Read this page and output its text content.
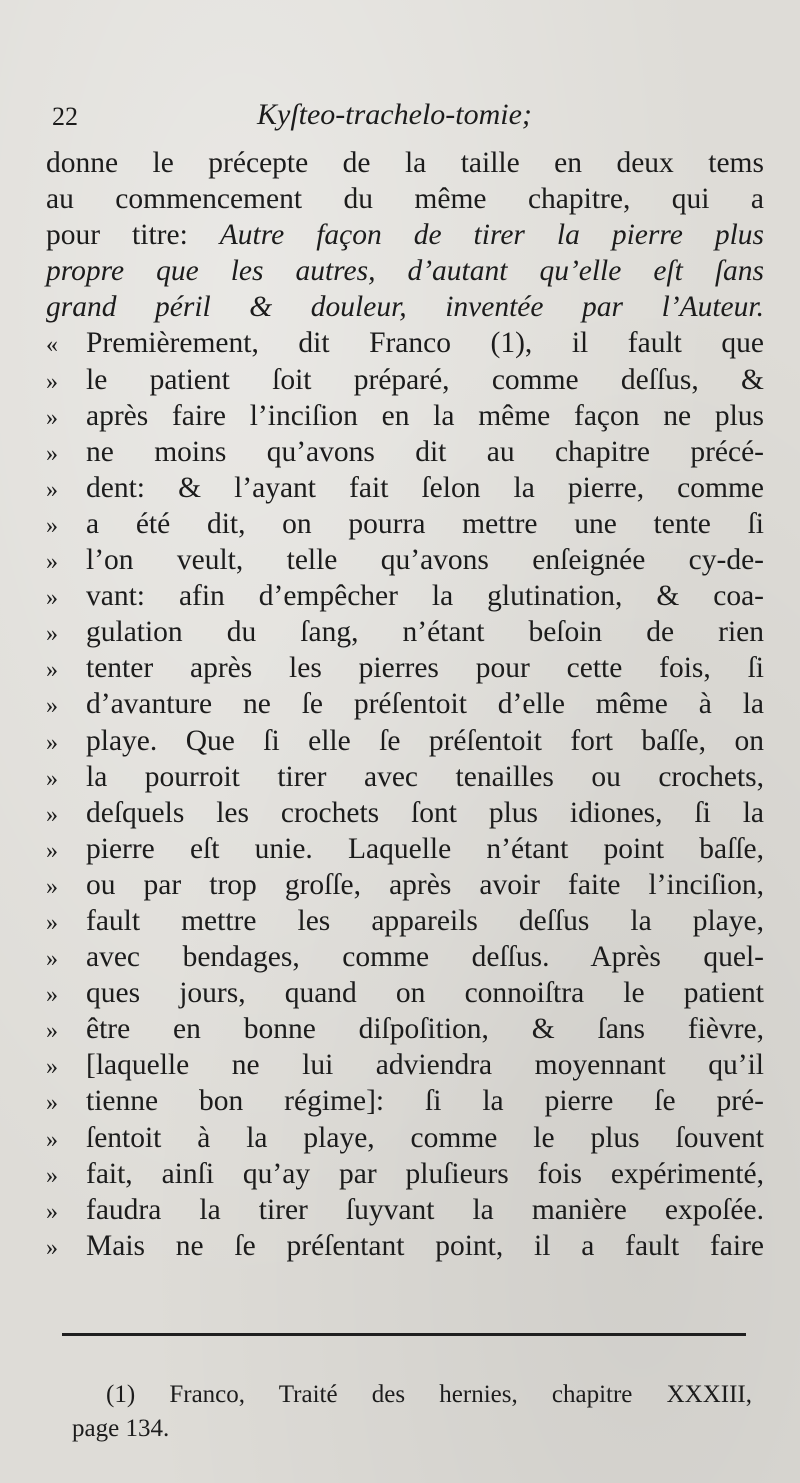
22	Kyſteo-trachelo-tomie;
donne le précepte de la taille en deux tems
au commencement du même chapitre, qui a
pour titre: Autre façon de tirer la pierre plus
propre que les autres, d’autant qu’elle eſt ſans
grand péril & douleur, inventée par l’Auteur.
« Premièrement, dit Franco (1), il fault que
» le patient ſoit préparé, comme deſſus, &
» après faire l’inciſion en la même façon ne plus
» ne moins qu’avons dit au chapitre précé-
» dent: & l’ayant fait ſelon la pierre, comme
» a été dit, on pourra mettre une tente ſi
» l’on veult, telle qu’avons enſeignée cy-de-
» vant: afin d’empêcher la glutination, & coa-
» gulation du ſang, n’étant beſoin de rien
» tenter après les pierres pour cette fois, ſi
» d’avanture ne ſe préſentoit d’elle même à la
» playe. Que ſi elle ſe préſentoit fort baſſe, on
» la pourroit tirer avec tenailles ou crochets,
» deſquels les crochets ſont plus idiones, ſi la
» pierre eſt unie. Laquelle n’étant point baſſe,
» ou par trop groſſe, après avoir faite l’inciſion,
» fault mettre les appareils deſſus la playe,
» avec bendages, comme deſſus. Après quel-
» ques jours, quand on connoiſtra le patient
» être en bonne diſpoſition, & ſans fièvre,
» [laquelle ne lui adviendra moyennant qu’il
» tienne bon régime]: ſi la pierre ſe pré-
» ſentoit à la playe, comme le plus ſouvent
» fait, ainſi qu’ay par pluſieurs fois expérimenté,
» faudra la tirer ſuyvant la manière expoſée.
» Mais ne ſe préſentant point, il a fault faire
(1) Franco, Traité des hernies, chapitre XXXIII,
page 134.
